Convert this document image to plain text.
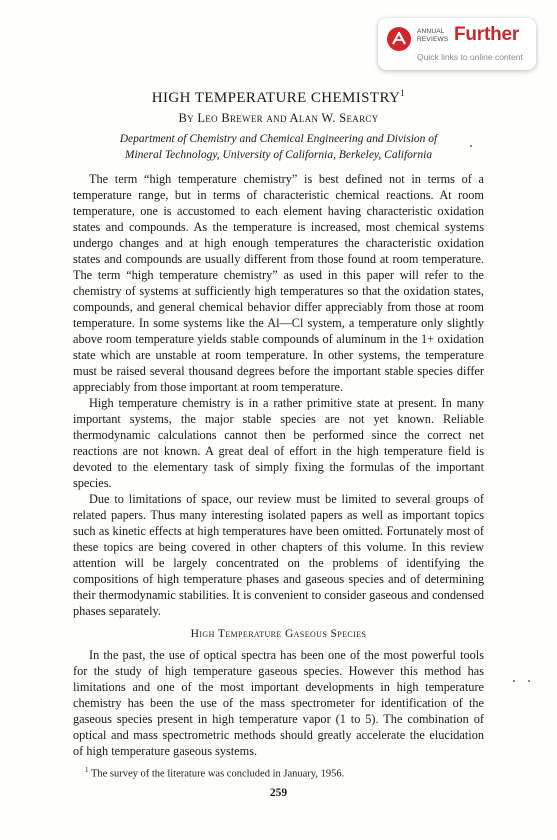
ANNUAL
REVIEWS Further
Quick links to online content
HIGH TEMPERATURE CHEMISTRY$^1$
By Leo Brewer and Alan W. Searcy
Department of Chemistry and Chemical Engineering and Division of
Mineral Technology, University of California, Berkeley, California

The term “high temperature chemistry” is best defined not in terms of a temperature range, but in terms of characteristic chemical reactions. At room temperature, one is accustomed to each element having characteristic oxidation states and compounds. As the temperature is increased, most chemical systems undergo changes and at high enough temperatures the characteristic oxidation states and compounds are usually different from those found at room temperature. The term “high temperature chemistry” as used in this paper will refer to the chemistry of systems at sufficiently high temperatures so that the oxidation states, compounds, and general chemical behavior differ appreciably from those at room temperature. In some systems like the Al—Cl system, a temperature only slightly above room temperature yields stable compounds of aluminum in the 1+ oxidation state which are unstable at room temperature. In other systems, the temperature must be raised several thousand degrees before the important stable species differ appreciably from those important at room temperature.

High temperature chemistry is in a rather primitive state at present. In many important systems, the major stable species are not yet known. Reliable thermodynamic calculations cannot then be performed since the correct net reactions are not known. A great deal of effort in the high temperature field is devoted to the elementary task of simply fixing the formulas of the important species.

Due to limitations of space, our review must be limited to several groups of related papers. Thus many interesting isolated papers as well as important topics such as kinetic effects at high temperatures have been omitted. Fortunately most of these topics are being covered in other chapters of this volume. In this review attention will be largely concentrated on the problems of identifying the compositions of high temperature phases and gaseous species and of determining their thermodynamic stabilities. It is convenient to consider gaseous and condensed phases separately.

High Temperature Gaseous Species

In the past, the use of optical spectra has been one of the most powerful tools for the study of high temperature gaseous species. However this method has limitations and one of the most important developments in high temperature chemistry has been the use of the mass spectrometer for identification of the gaseous species present in high temperature vapor (1 to 5). The combination of optical and mass spectrometric methods should greatly accelerate the elucidation of high temperature gaseous systems.

$^1$ The survey of the literature was concluded in January, 1956.
259
